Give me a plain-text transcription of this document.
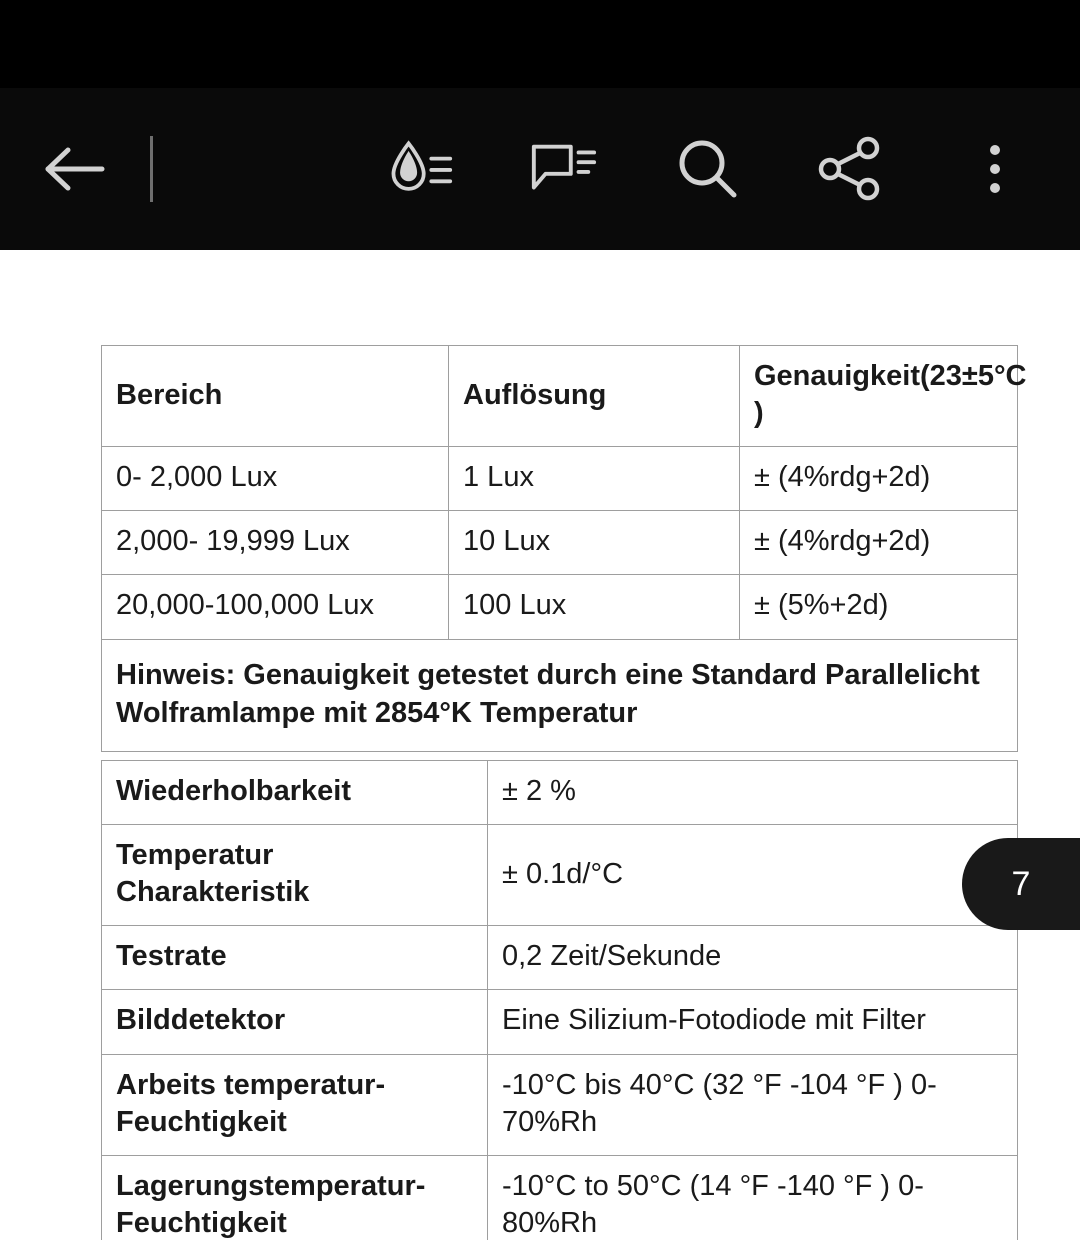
Bereich	Auflösung	Genauigkeit(23±5°C )
0- 2,000 Lux	1 Lux	± (4%rdg+2d)
2,000- 19,999 Lux	10 Lux	± (4%rdg+2d)
20,000-100,000 Lux	100 Lux	± (5%+2d)
Hinweis: Genauigkeit getestet durch eine Standard Parallelicht Wolframlampe mit 2854°K Temperatur		
Wiederholbarkeit	± 2 %
Temperatur Charakteristik	± 0.1d/°C
Testrate	0,2 Zeit/Sekunde
Bilddetektor	Eine Silizium-Fotodiode mit Filter
Arbeits temperatur-Feuchtigkeit	-10°C bis 40°C (32 °F -104 °F ) 0-70%Rh
Lagerungstemperatur-Feuchtigkeit	-10°C to 50°C (14 °F -140 °F ) 0-80%Rh
7
